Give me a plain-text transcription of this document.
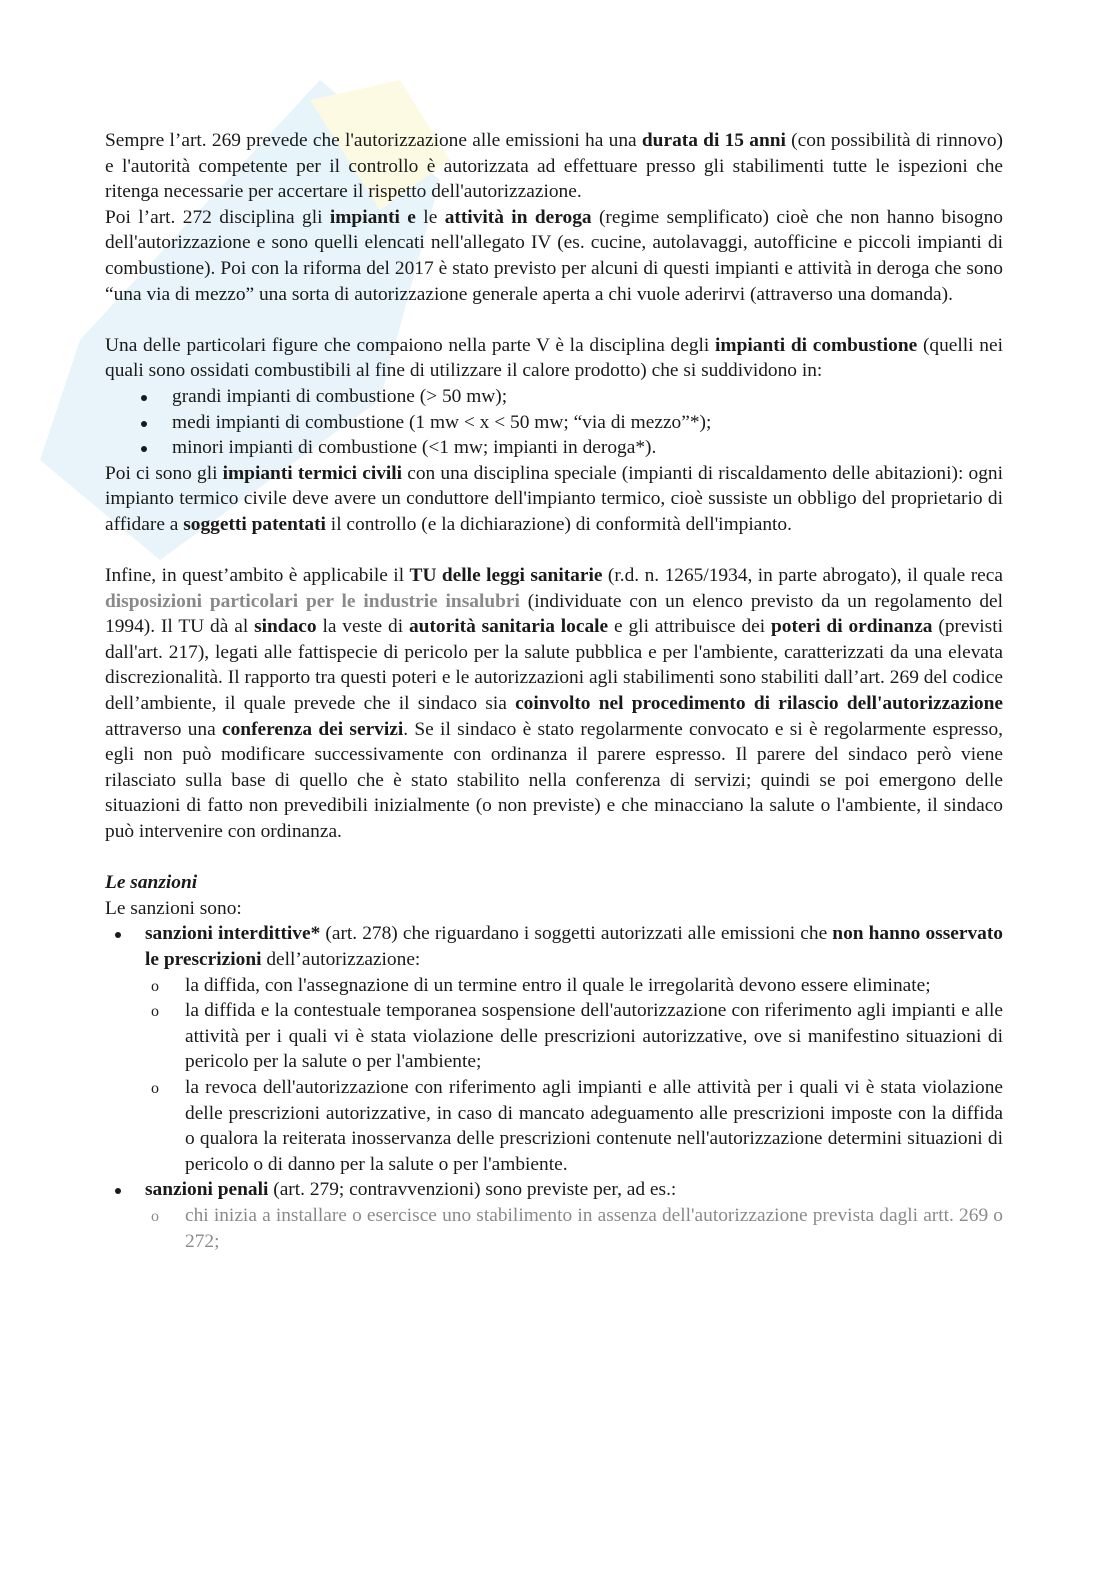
Sempre l’art. 269 prevede che l'autorizzazione alle emissioni ha una durata di 15 anni (con possibilità di rinnovo) e l'autorità competente per il controllo è autorizzata ad effettuare presso gli stabilimenti tutte le ispezioni che ritenga necessarie per accertare il rispetto dell'autorizzazione.

Poi l’art. 272 disciplina gli impianti e le attività in deroga (regime semplificato) cioè che non hanno bisogno dell'autorizzazione e sono quelli elencati nell'allegato IV (es. cucine, autolavaggi, autofficine e piccoli impianti di combustione). Poi con la riforma del 2017 è stato previsto per alcuni di questi impianti e attività in deroga che sono “una via di mezzo” una sorta di autorizzazione generale aperta a chi vuole aderirvi (attraverso una domanda).

Una delle particolari figure che compaiono nella parte V è la disciplina degli impianti di combustione (quelli nei quali sono ossidati combustibili al fine di utilizzare il calore prodotto) che si suddividono in:

grandi impianti di combustione (> 50 mw);
medi impianti di combustione (1 mw < x < 50 mw; “via di mezzo”*);
minori impianti di combustione (<1 mw; impianti in deroga*).

Poi ci sono gli impianti termici civili con una disciplina speciale (impianti di riscaldamento delle abitazioni): ogni impianto termico civile deve avere un conduttore dell'impianto termico, cioè sussiste un obbligo del proprietario di affidare a soggetti patentati il controllo (e la dichiarazione) di conformità dell'impianto.

Infine, in quest’ambito è applicabile il TU delle leggi sanitarie (r.d. n. 1265/1934, in parte abrogato), il quale reca disposizioni particolari per le industrie insalubri (individuate con un elenco previsto da un regolamento del 1994). Il TU dà al sindaco la veste di autorità sanitaria locale e gli attribuisce dei poteri di ordinanza (previsti dall'art. 217), legati alle fattispecie di pericolo per la salute pubblica e per l'ambiente, caratterizzati da una elevata discrezionalità. Il rapporto tra questi poteri e le autorizzazioni agli stabilimenti sono stabiliti dall’art. 269 del codice dell’ambiente, il quale prevede che il sindaco sia coinvolto nel procedimento di rilascio dell'autorizzazione attraverso una conferenza dei servizi. Se il sindaco è stato regolarmente convocato e si è regolarmente espresso, egli non può modificare successivamente con ordinanza il parere espresso. Il parere del sindaco però viene rilasciato sulla base di quello che è stato stabilito nella conferenza di servizi; quindi se poi emergono delle situazioni di fatto non prevedibili inizialmente (o non previste) e che minacciano la salute o l'ambiente, il sindaco può intervenire con ordinanza.

Le sanzioni

Le sanzioni sono:

sanzioni interdittive* (art. 278) che riguardano i soggetti autorizzati alle emissioni che non hanno osservato le prescrizioni dell’autorizzazione:
o la diffida, con l'assegnazione di un termine entro il quale le irregolarità devono essere eliminate;
o la diffida e la contestuale temporanea sospensione dell'autorizzazione con riferimento agli impianti e alle attività per i quali vi è stata violazione delle prescrizioni autorizzative, ove si manifestino situazioni di pericolo per la salute o per l'ambiente;
o la revoca dell'autorizzazione con riferimento agli impianti e alle attività per i quali vi è stata violazione delle prescrizioni autorizzative, in caso di mancato adeguamento alle prescrizioni imposte con la diffida o qualora la reiterata inosservanza delle prescrizioni contenute nell'autorizzazione determini situazioni di pericolo o di danno per la salute o per l'ambiente.
sanzioni penali (art. 279; contravvenzioni) sono previste per, ad es.:
o chi inizia a installare o esercisce uno stabilimento in assenza dell'autorizzazione prevista dagli artt. 269 o 272;
